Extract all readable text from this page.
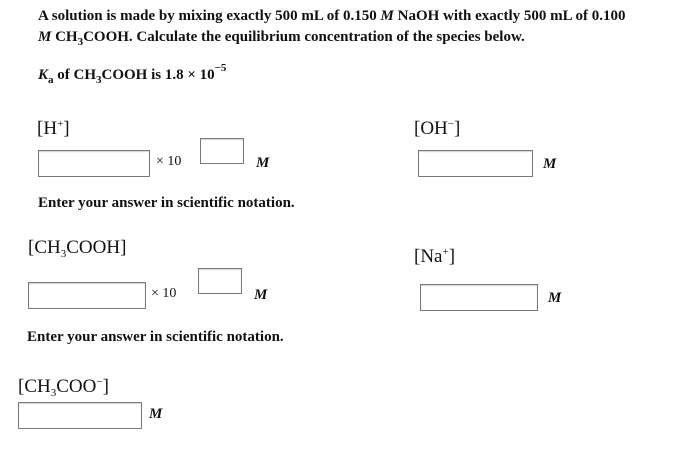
A solution is made by mixing exactly 500 mL of 0.150 M NaOH with exactly 500 mL of 0.100
M $CH_3COOH$. Calculate the equilibrium concentration of the species below.
$K_a$ of $CH_3COOH$ is $1.8 \times 10^{-5}$
[H+]
× 10	M
Enter your answer in scientific notation.
[OH−]
M
$[CH_3COOH]$
× 10	M
Enter your answer in scientific notation.
[Na+]
M
$[CH_3COO^-]$
M
